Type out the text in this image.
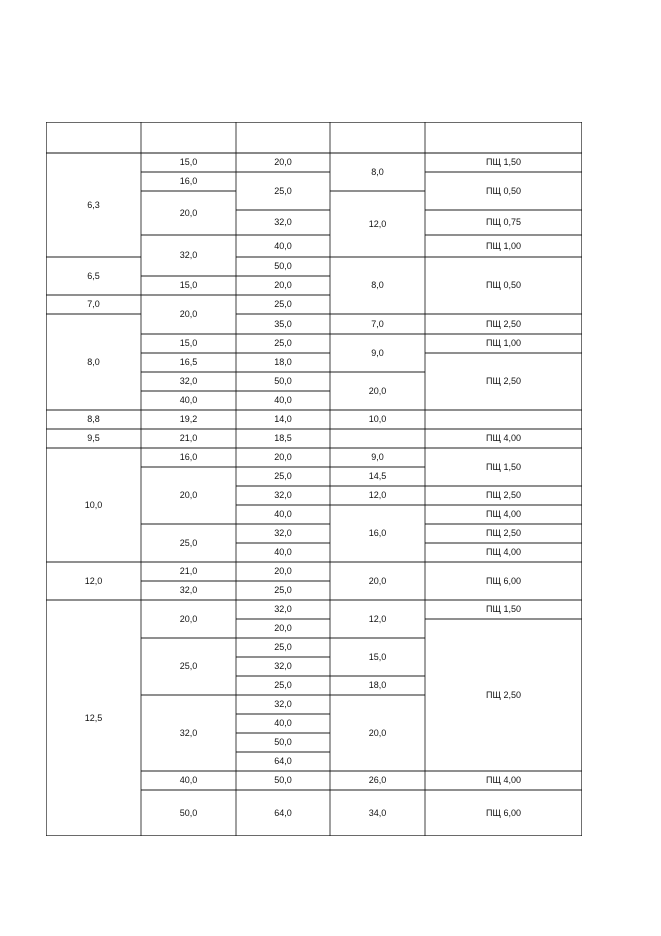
6,3
6,5
7,0
8,0
8,8
9,5
10,0
12,0
12,5
15,0
16,0
20,0
32,0
15,0
20,0
15,0
16,5
32,0
40,0
19,2
21,0
16,0
20,0
25,0
21,0
32,0
20,0
25,0
32,0
40,0
50,0
20,0
25,0
32,0
40,0
50,0
20,0
25,0
35,0
25,0
18,0
50,0
40,0
14,0
18,5
20,0
25,0
32,0
40,0
32,0
40,0
20,0
25,0
32,0
20,0
25,0
32,0
25,0
32,0
40,0
50,0
64,0
50,0
64,0
8,0
12,0
8,0
7,0
9,0
20,0
10,0
9,0
14,5
12,0
16,0
20,0
12,0
15,0
18,0
20,0
26,0
34,0
ПЩ 1,50
ПЩ 0,50
ПЩ 0,75
ПЩ 1,00
ПЩ 0,50
ПЩ 2,50
ПЩ 1,00
ПЩ 2,50
ПЩ 4,00
ПЩ 1,50
ПЩ 2,50
ПЩ 4,00
ПЩ 2,50
ПЩ 4,00
ПЩ 6,00
ПЩ 1,50
ПЩ 2,50
ПЩ 4,00
ПЩ 6,00
